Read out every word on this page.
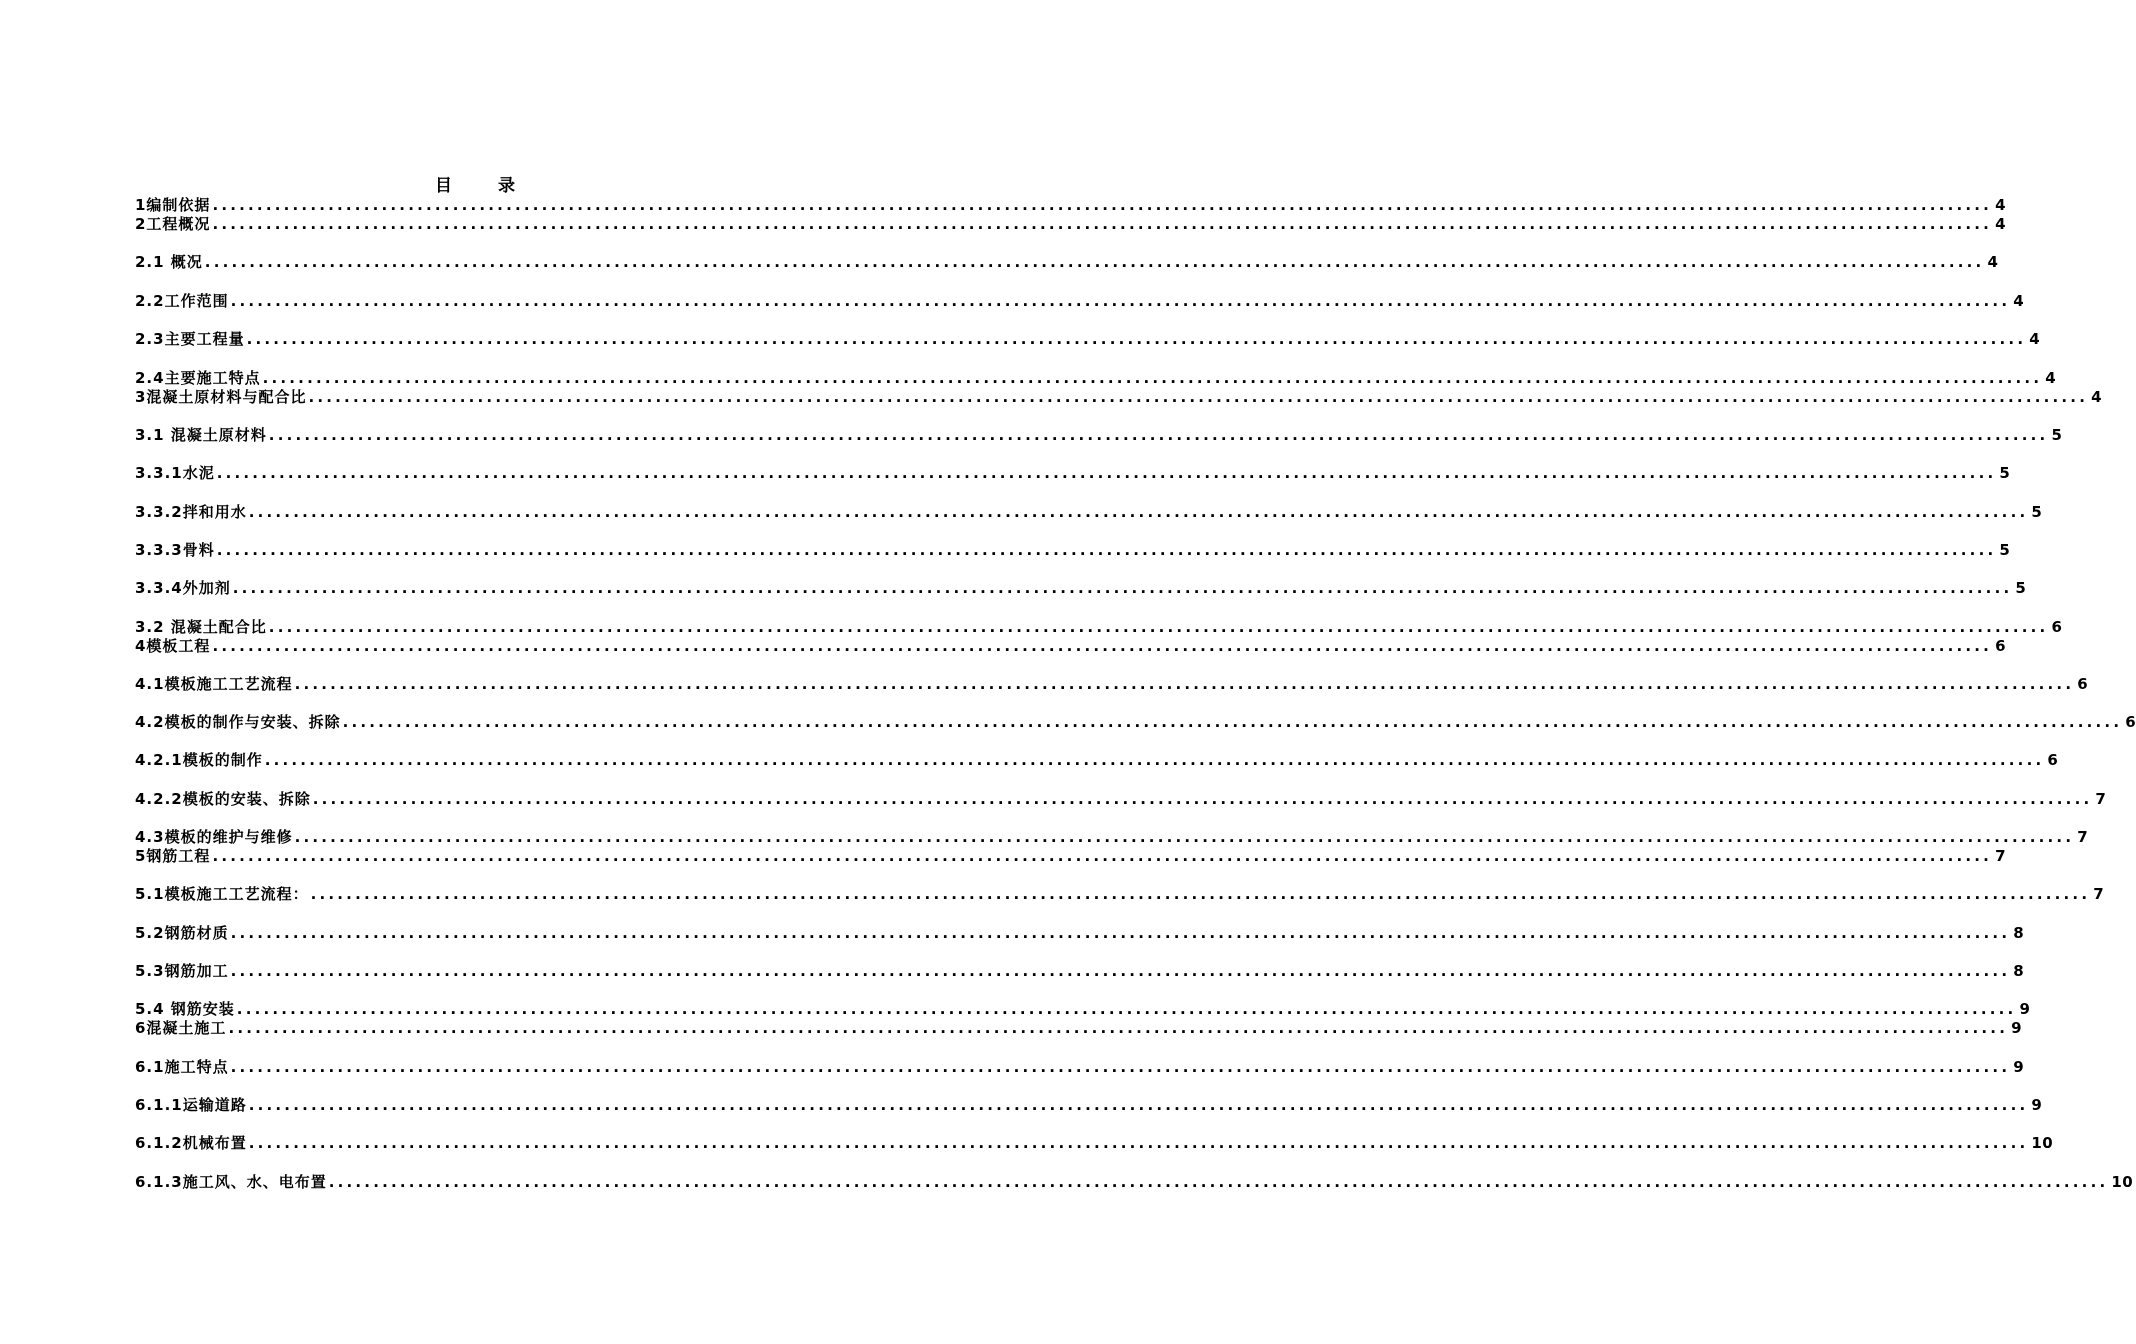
目 录
1编制依据 ........................................................................................................................................................................................................ 4
2工程概况 ........................................................................................................................................................................................................ 4
2.1 概况 ........................................................................................................................................................................................................ 4
2.2工作范围 ........................................................................................................................................................................................................ 4
2.3主要工程量 ........................................................................................................................................................................................................ 4
2.4主要施工特点 ........................................................................................................................................................................................................ 4
3混凝土原材料与配合比 ........................................................................................................................................................................................................ 4
3.1 混凝土原材料 ........................................................................................................................................................................................................ 5
3.3.1水泥 ........................................................................................................................................................................................................ 5
3.3.2拌和用水 ........................................................................................................................................................................................................ 5
3.3.3骨料 ........................................................................................................................................................................................................ 5
3.3.4外加剂 ........................................................................................................................................................................................................ 5
3.2 混凝土配合比 ........................................................................................................................................................................................................ 6
4模板工程 ........................................................................................................................................................................................................ 6
4.1模板施工工艺流程 ........................................................................................................................................................................................................ 6
4.2模板的制作与安装、拆除 ........................................................................................................................................................................................................ 6
4.2.1模板的制作 ........................................................................................................................................................................................................ 6
4.2.2模板的安装、拆除 ........................................................................................................................................................................................................ 7
4.3模板的维护与维修 ........................................................................................................................................................................................................ 7
5钢筋工程 ........................................................................................................................................................................................................ 7
5.1模板施工工艺流程： ........................................................................................................................................................................................................ 7
5.2钢筋材质 ........................................................................................................................................................................................................ 8
5.3钢筋加工 ........................................................................................................................................................................................................ 8
5.4 钢筋安装 ........................................................................................................................................................................................................ 9
6混凝土施工 ........................................................................................................................................................................................................ 9
6.1施工特点 ........................................................................................................................................................................................................ 9
6.1.1运输道路 ........................................................................................................................................................................................................ 9
6.1.2机械布置 ........................................................................................................................................................................................................ 10
6.1.3施工风、水、电布置 ........................................................................................................................................................................................................ 10
